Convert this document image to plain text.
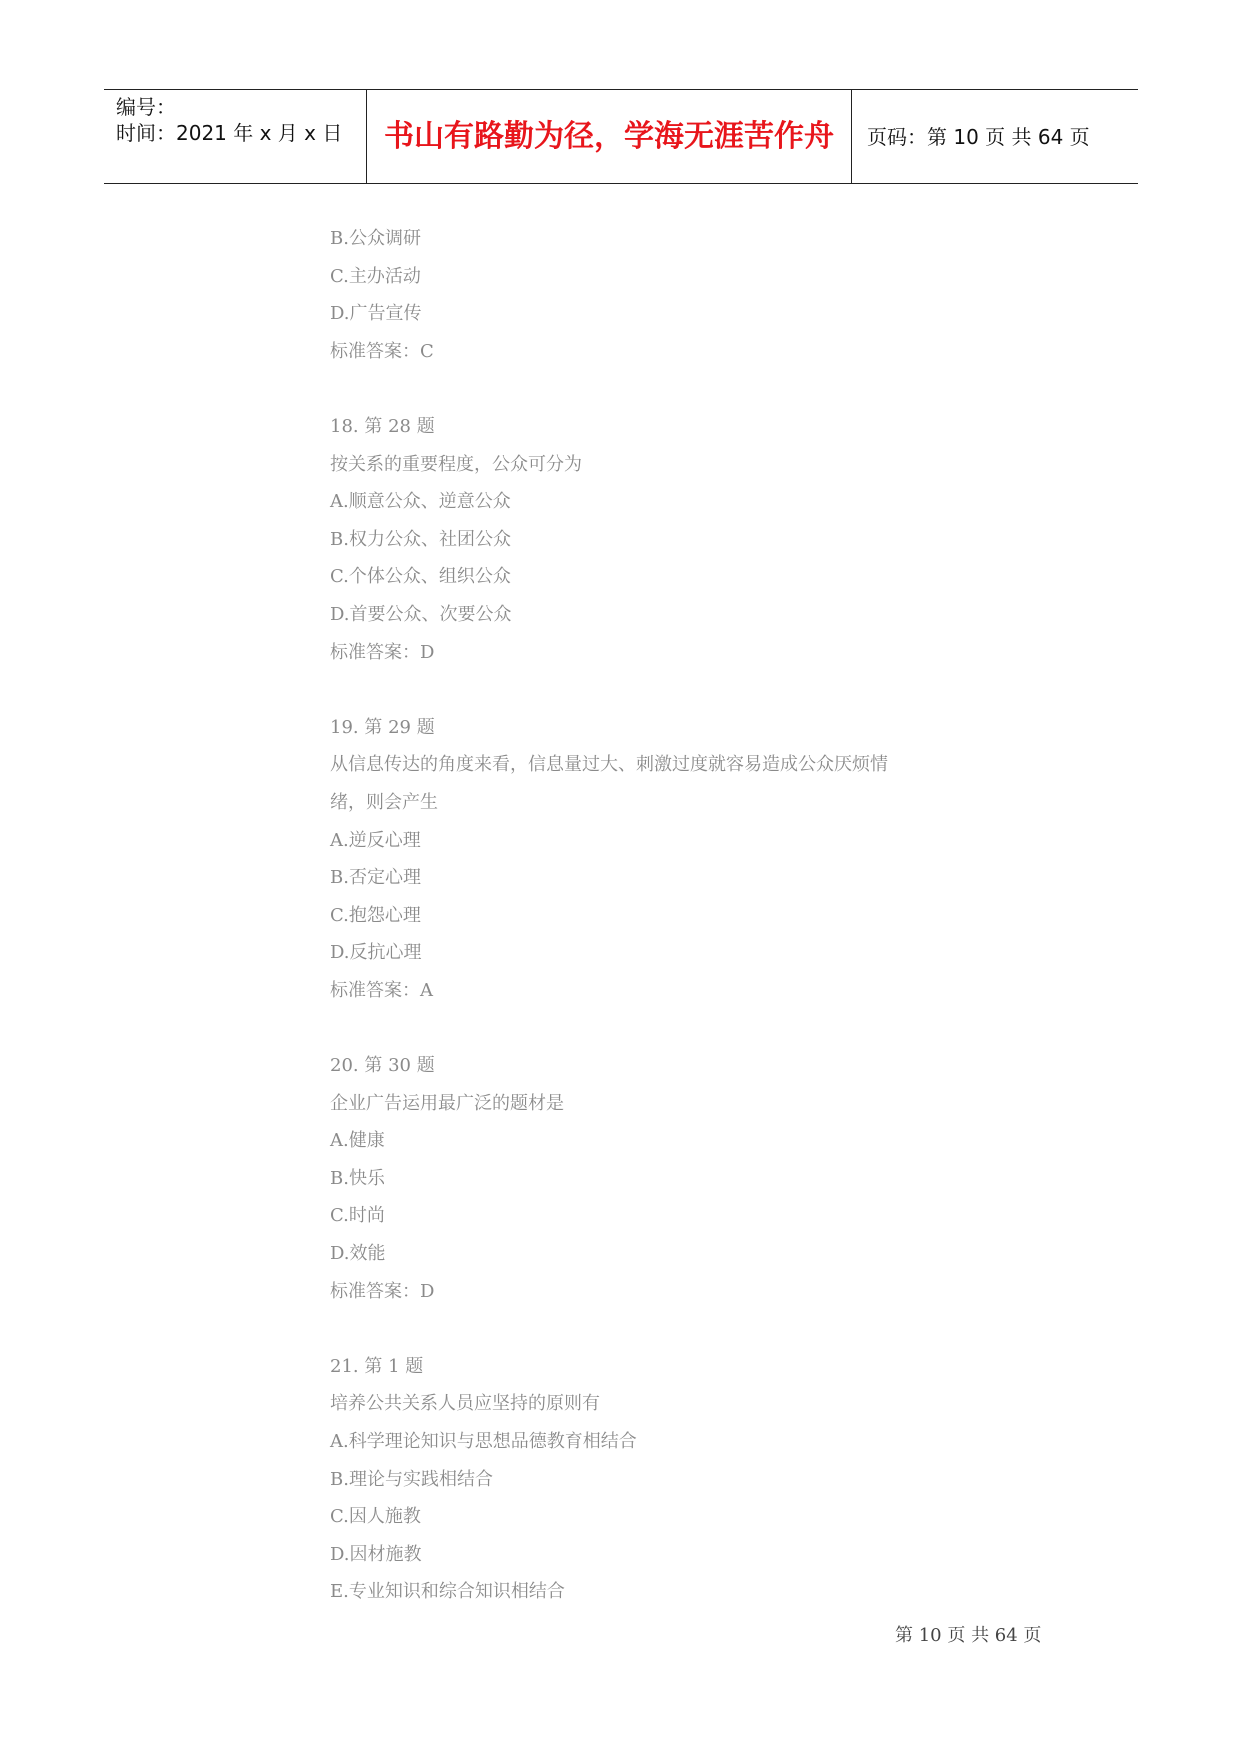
编号：
时间：2021 年 x 月 x 日	书山有路勤为径，学海无涯苦作舟	页码：第 10 页 共 64 页
B.公众调研
C.主办活动
D.广告宣传
标准答案：C
18. 第 28 题
按关系的重要程度，公众可分为
A.顺意公众、逆意公众
B.权力公众、社团公众
C.个体公众、组织公众
D.首要公众、次要公众
标准答案：D
19. 第 29 题
从信息传达的角度来看，信息量过大、刺激过度就容易造成公众厌烦情
绪，则会产生
A.逆反心理
B.否定心理
C.抱怨心理
D.反抗心理
标准答案：A
20. 第 30 题
企业广告运用最广泛的题材是
A.健康
B.快乐
C.时尚
D.效能
标准答案：D
21. 第 1 题
培养公共关系人员应坚持的原则有
A.科学理论知识与思想品德教育相结合
B.理论与实践相结合
C.因人施教
D.因材施教
E.专业知识和综合知识相结合
第 10 页 共 64 页
